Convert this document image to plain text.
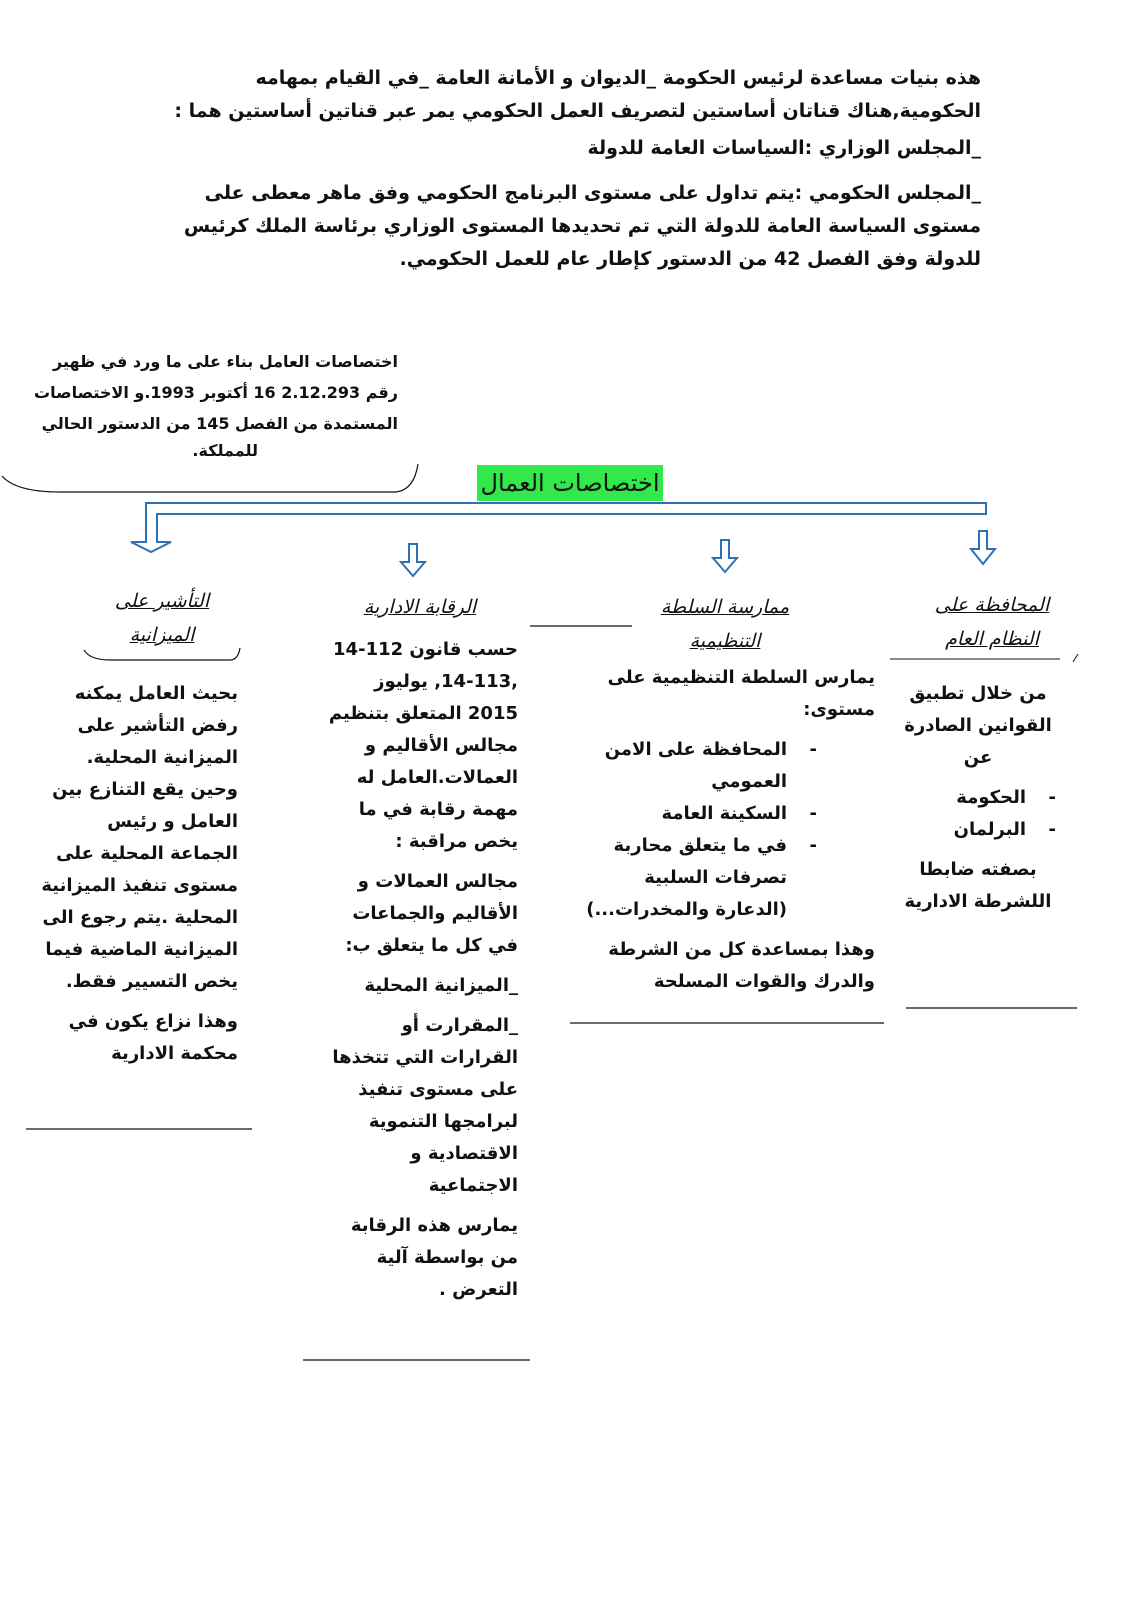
هذه بنيات مساعدة لرئيس الحكومة _الديوان و الأمانة العامة _في القيام بمهامه الحكومية,هناك قناتان أساستين لتصريف العمل الحكومي يمر عبر قناتين أساستين هما :

_المجلس الوزاري :السياسات العامة للدولة

_المجلس الحكومي :يتم تداول على مستوى البرنامج الحكومي وفق ماهر معطى على مستوى السياسة العامة للدولة التي تم تحديدها المستوى الوزاري برئاسة الملك كرئيس للدولة وفق الفصل 42 من الدستور كإطار عام للعمل الحكومي.

اختصاصات العامل بناء على ما ورد في ظهير
رقم 2.12.293 16 أكتوبر 1993.و الاختصاصات
المستمدة من الفصل 145 من الدستور الحالي
للمملكة.
اختصاصات العمال
المحافظة على النظام العام

من خلال تطبيق القوانين الصادرة عن

- الحكومة
- البرلمان

بصفته ضابطا اللشرطة الادارية

ممارسة السلطة التنظيمية

يمارس السلطة التنظيمية على مستوى:

- المحافظة على الامن العمومي
- السكينة العامة
- في ما يتعلق محاربة تصرفات السلبية (الدعارة والمخدرات...)

وهذا بمساعدة كل من الشرطة والدرك والقوات المسلحة

الرقابة الادارية

حسب قانون 112-14 ,113-14, يوليوز 2015 المتعلق بتنظيم مجالس الأقاليم و العمالات.العامل له مهمة رقابة في ما يخص مراقبة :

مجالس العمالات و الأقاليم والجماعات في كل ما يتعلق ب:

_الميزانية المحلية

_المقرارت أو القرارات التي تتخذها على مستوى تنفيذ لبرامجها التنموية الاقتصادية و الاجتماعية

يمارس هذه الرقابة من بواسطة آلية التعرض .

التأشير على الميزانية

بحيث العامل يمكنه رفض التأشير على الميزانية المحلية. وحين يقع التنازع بين العامل و رئيس الجماعة المحلية على مستوى تنفيذ الميزانية المحلية .يتم رجوع الى الميزانية الماضية فيما يخص التسيير فقط.

وهذا نزاع يكون في محكمة الادارية
